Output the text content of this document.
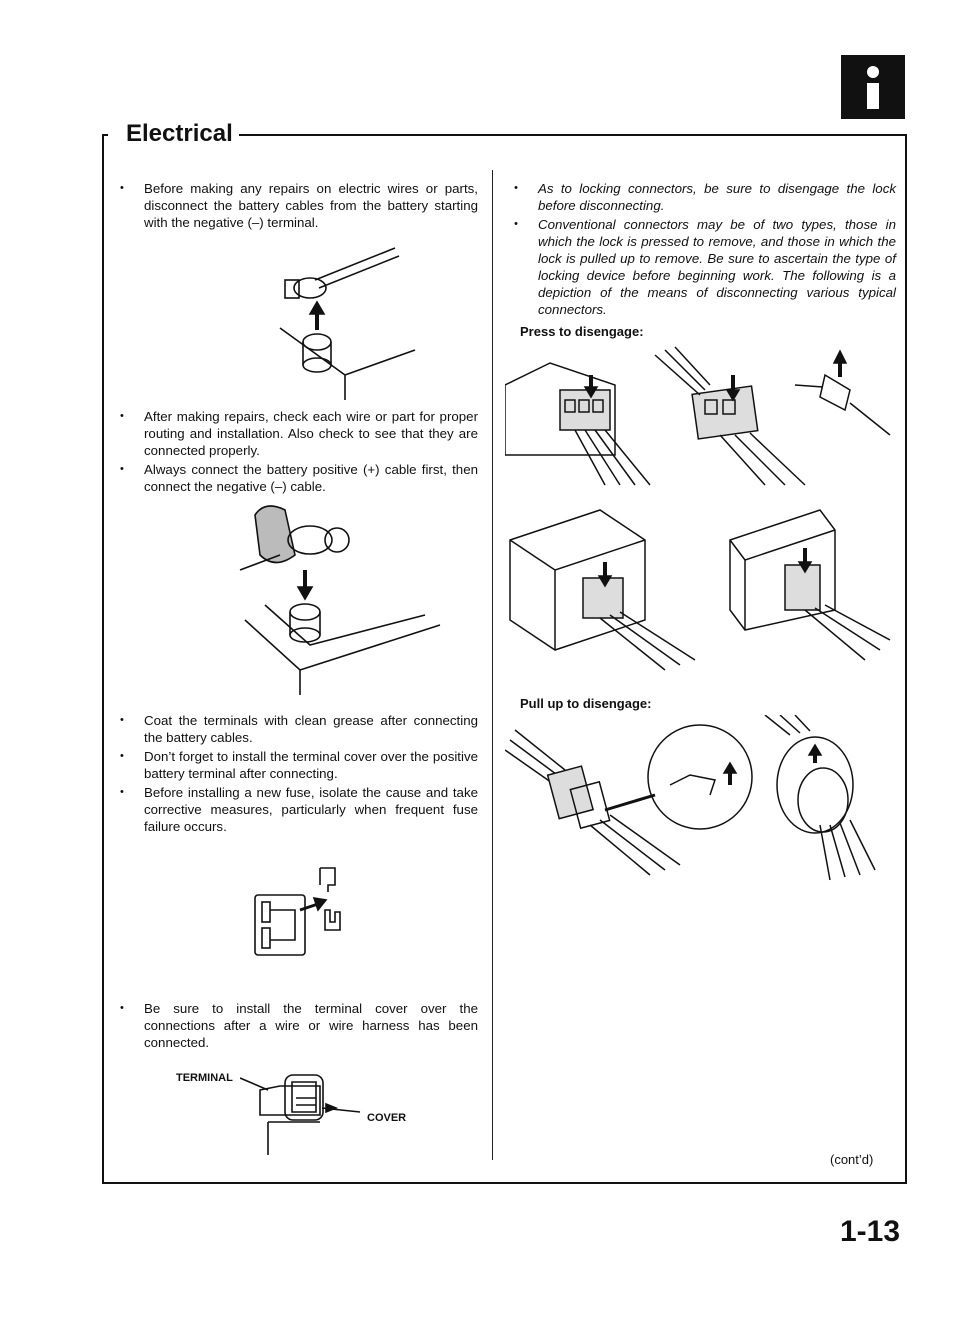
Electrical
• Before making any repairs on electric wires or parts, disconnect the battery cables from the battery starting with the negative (–) terminal.
• After making repairs, check each wire or part for proper routing and installation. Also check to see that they are connected properly.
• Always connect the battery positive (+) cable first, then connect the negative (–) cable.
• Coat the terminals with clean grease after connecting the battery cables.
• Don’t forget to install the terminal cover over the positive battery terminal after connecting.
• Before installing a new fuse, isolate the cause and take corrective measures, particularly when frequent fuse failure occurs.
• Be sure to install the terminal cover over the connections after a wire or wire harness has been connected.
TERMINAL
COVER
• As to locking connectors, be sure to disengage the lock before disconnecting.
• Conventional connectors may be of two types, those in which the lock is pressed to remove, and those in which the lock is pulled up to remove. Be sure to ascertain the type of locking device before beginning work. The following is a depiction of the means of disconnecting various typical connectors.
Press to disengage:
Pull up to disengage:
(cont’d)
1-13
